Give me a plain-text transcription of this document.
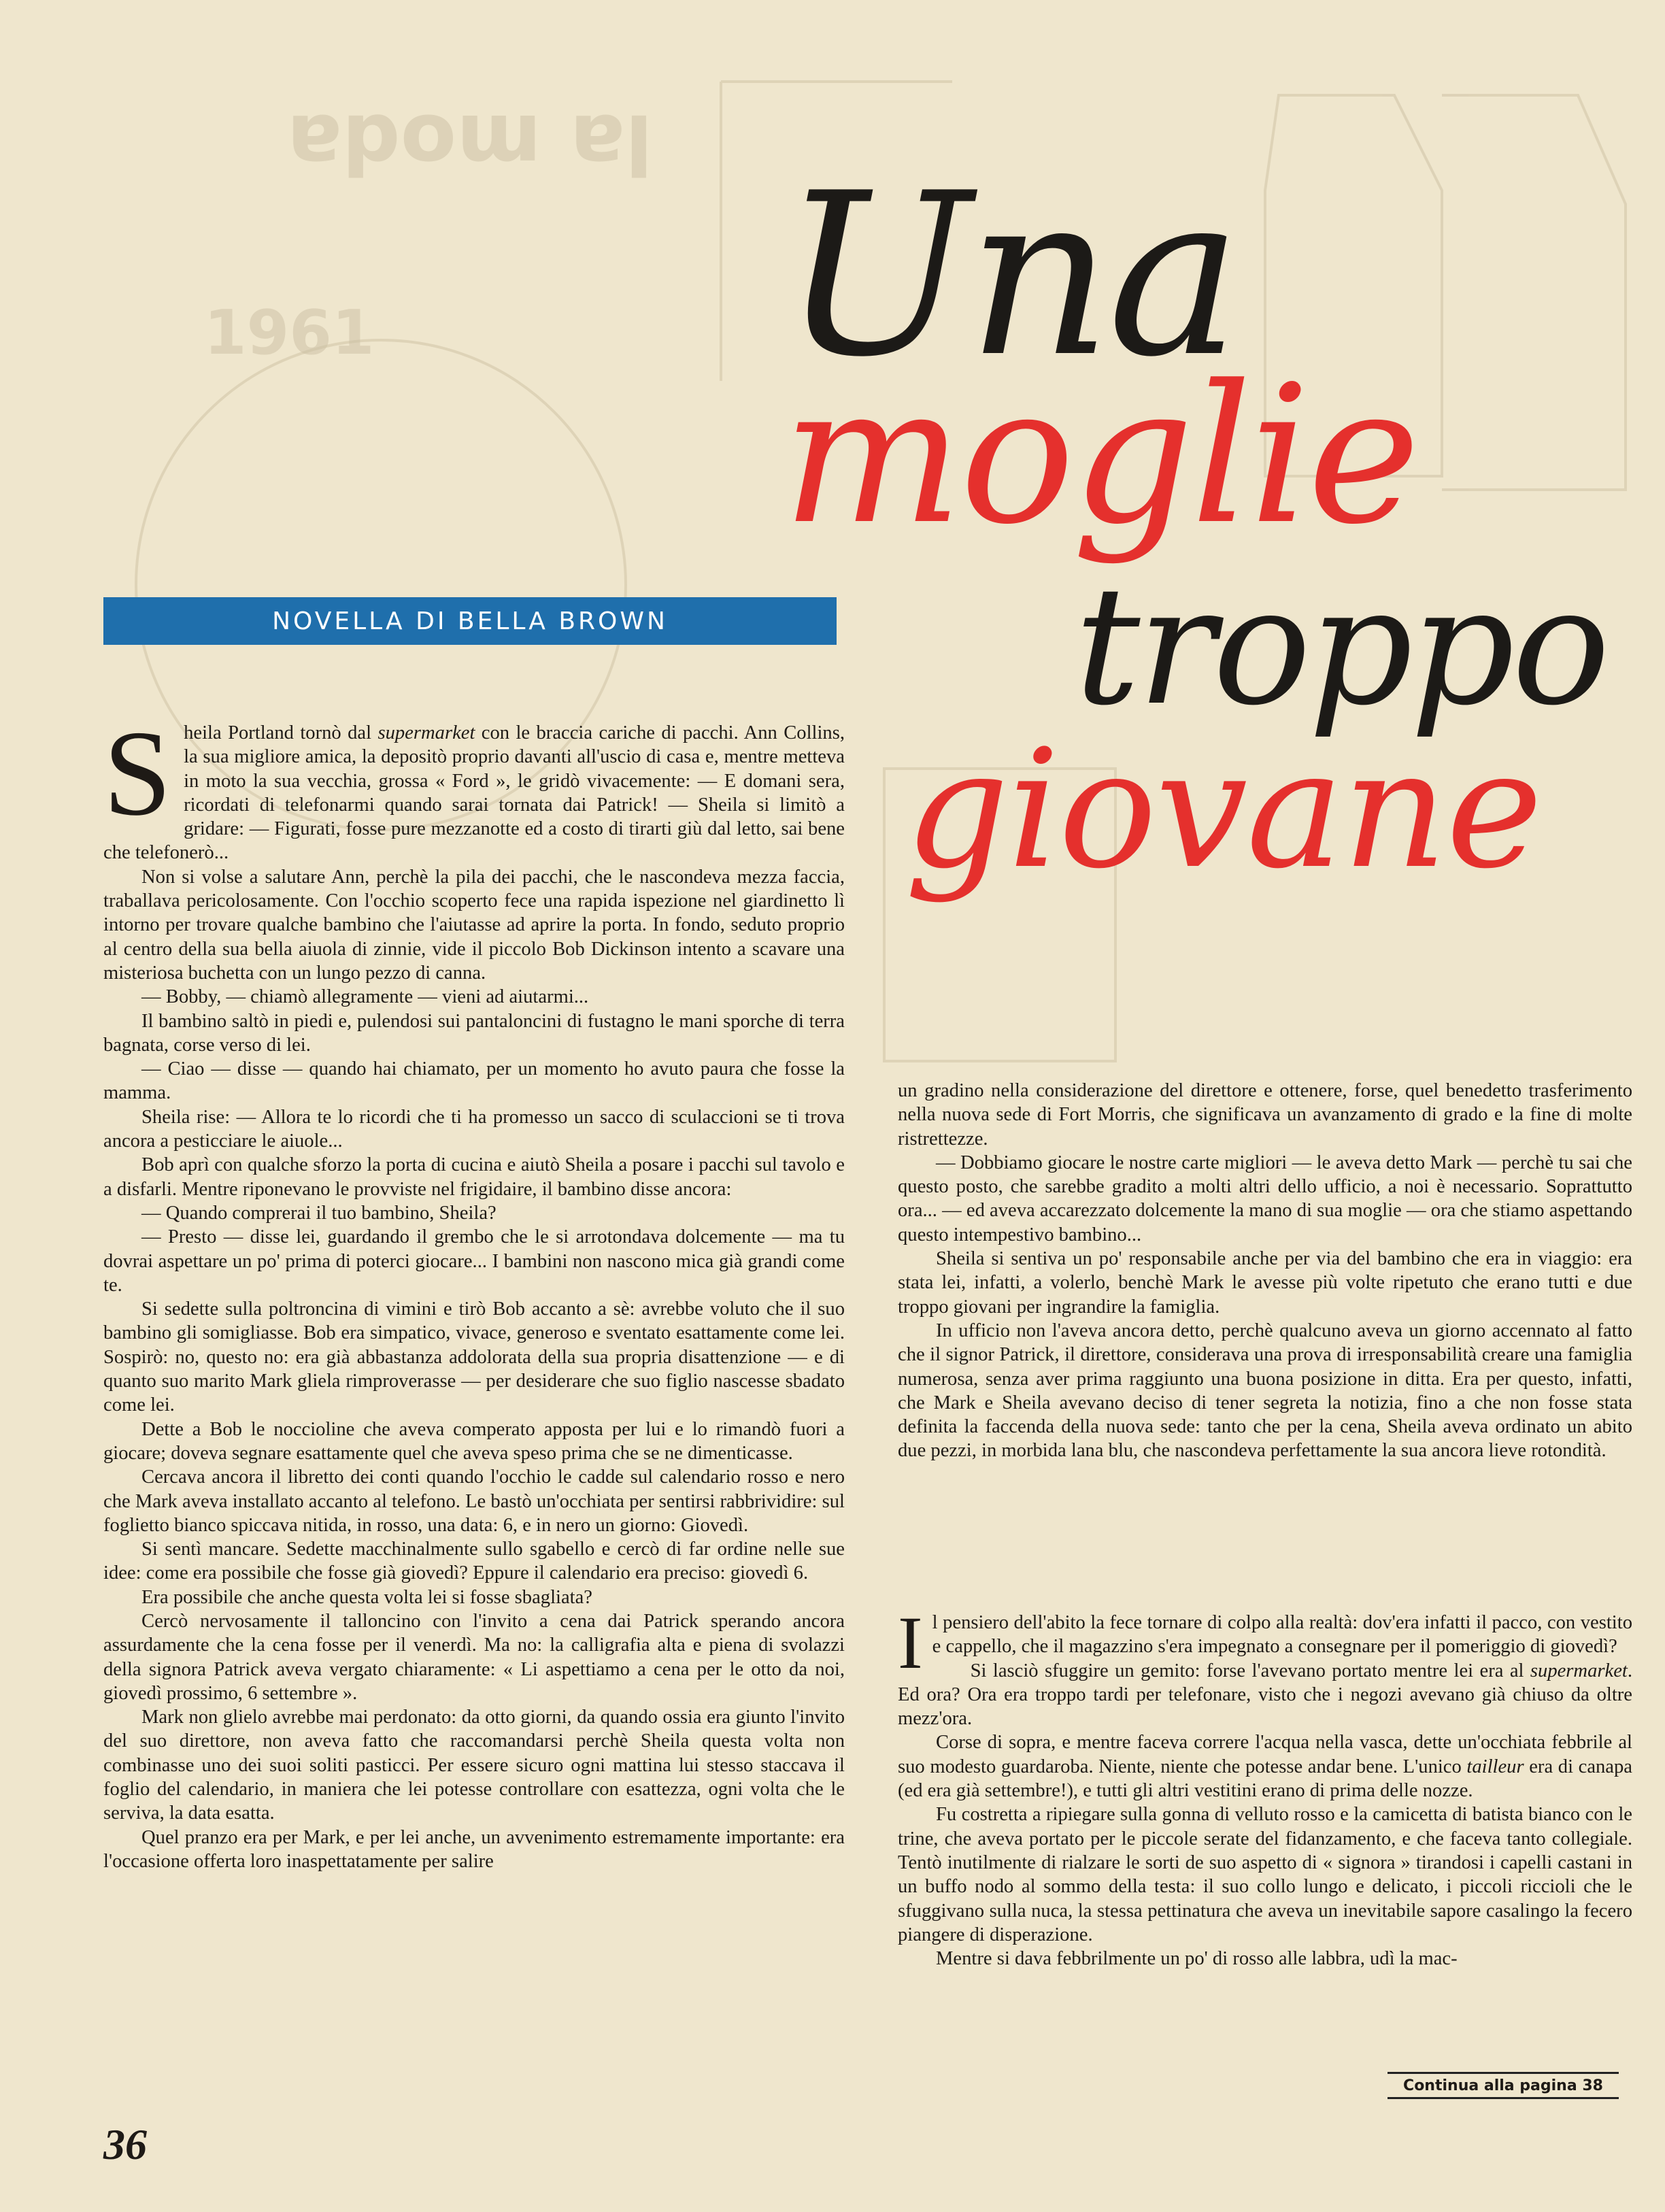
la moda
1961 Una
moglie
troppo
giovane
NOVELLA DI BELLA BROWN

Sheila Portland tornò dal supermarket con le braccia cariche di pacchi. Ann Collins, la sua migliore amica, la depositò proprio davanti all'uscio di casa e, mentre metteva in moto la sua vecchia, grossa « Ford », le gridò vivacemente: — E domani sera, ricordati di telefonarmi quando sarai tornata dai Patrick! — Sheila si limitò a gridare: — Figurati, fosse pure mezzanotte ed a costo di tirarti giù dal letto, sai bene che telefonerò...

Non si volse a salutare Ann, perchè la pila dei pacchi, che le nascondeva mezza faccia, traballava pericolosamente. Con l'occhio scoperto fece una rapida ispezione nel giardinetto lì intorno per trovare qualche bambino che l'aiutasse ad aprire la porta. In fondo, seduto proprio al centro della sua bella aiuola di zinnie, vide il piccolo Bob Dickinson intento a scavare una misteriosa buchetta con un lungo pezzo di canna.

— Bobby, — chiamò allegramente — vieni ad aiutarmi...

Il bambino saltò in piedi e, pulendosi sui pantaloncini di fustagno le mani sporche di terra bagnata, corse verso di lei.

— Ciao — disse — quando hai chiamato, per un momento ho avuto paura che fosse la mamma.

Sheila rise: — Allora te lo ricordi che ti ha promesso un sacco di sculaccioni se ti trova ancora a pesticciare le aiuole...

Bob aprì con qualche sforzo la porta di cucina e aiutò Sheila a posare i pacchi sul tavolo e a disfarli. Mentre riponevano le provviste nel frigidaire, il bambino disse ancora:

— Quando comprerai il tuo bambino, Sheila?

— Presto — disse lei, guardando il grembo che le si arrotondava dolcemente — ma tu dovrai aspettare un po' prima di poterci giocare... I bambini non nascono mica già grandi come te.

Si sedette sulla poltroncina di vimini e tirò Bob accanto a sè: avrebbe voluto che il suo bambino gli somigliasse. Bob era simpatico, vivace, generoso e sventato esattamente come lei. Sospirò: no, questo no: era già abbastanza addolorata della sua propria disattenzione — e di quanto suo marito Mark gliela rimproverasse — per desiderare che suo figlio nascesse sbadato come lei.

Dette a Bob le noccioline che aveva comperato apposta per lui e lo rimandò fuori a giocare; doveva segnare esattamente quel che aveva speso prima che se ne dimenticasse.

Cercava ancora il libretto dei conti quando l'occhio le cadde sul calendario rosso e nero che Mark aveva installato accanto al telefono. Le bastò un'occhiata per sentirsi rabbrividire: sul foglietto bianco spiccava nitida, in rosso, una data: 6, e in nero un giorno: Giovedì.

Si sentì mancare. Sedette macchinalmente sullo sgabello e cercò di far ordine nelle sue idee: come era possibile che fosse già giovedì? Eppure il calendario era preciso: giovedì 6.

Era possibile che anche questa volta lei si fosse sbagliata?

Cercò nervosamente il talloncino con l'invito a cena dai Patrick sperando ancora assurdamente che la cena fosse per il venerdì. Ma no: la calligrafia alta e piena di svolazzi della signora Patrick aveva vergato chiaramente: « Li aspettiamo a cena per le otto da noi, giovedì prossimo, 6 settembre ».

Mark non glielo avrebbe mai perdonato: da otto giorni, da quando ossia era giunto l'invito del suo direttore, non aveva fatto che raccomandarsi perchè Sheila questa volta non combinasse uno dei suoi soliti pasticci. Per essere sicuro ogni mattina lui stesso staccava il foglio del calendario, in maniera che lei potesse controllare con esattezza, ogni volta che le serviva, la data esatta.

Quel pranzo era per Mark, e per lei anche, un avvenimento estremamente importante: era l'occasione offerta loro inaspettatamente per salire

un gradino nella considerazione del direttore e ottenere, forse, quel benedetto trasferimento nella nuova sede di Fort Morris, che significava un avanzamento di grado e la fine di molte ristrettezze.

— Dobbiamo giocare le nostre carte migliori — le aveva detto Mark — perchè tu sai che questo posto, che sarebbe gradito a molti altri dello ufficio, a noi è necessario. Soprattutto ora... — ed aveva accarezzato dolcemente la mano di sua moglie — ora che stiamo aspettando questo intempestivo bambino...

Sheila si sentiva un po' responsabile anche per via del bambino che era in viaggio: era stata lei, infatti, a volerlo, benchè Mark le avesse più volte ripetuto che erano tutti e due troppo giovani per ingrandire la famiglia.

In ufficio non l'aveva ancora detto, perchè qualcuno aveva un giorno accennato al fatto che il signor Patrick, il direttore, considerava una prova di irresponsabilità creare una famiglia numerosa, senza aver prima raggiunto una buona posizione in ditta. Era per questo, infatti, che Mark e Sheila avevano deciso di tener segreta la notizia, fino a che non fosse stata definita la faccenda della nuova sede: tanto che per la cena, Sheila aveva ordinato un abito due pezzi, in morbida lana blu, che nascondeva perfettamente la sua ancora lieve rotondità.

Il pensiero dell'abito la fece tornare di colpo alla realtà: dov'era infatti il pacco, con vestito e cappello, che il magazzino s'era impegnato a consegnare per il pomeriggio di giovedì?

Si lasciò sfuggire un gemito: forse l'avevano portato mentre lei era al supermarket. Ed ora? Ora era troppo tardi per telefonare, visto che i negozi avevano già chiuso da oltre mezz'ora.

Corse di sopra, e mentre faceva correre l'acqua nella vasca, dette un'occhiata febbrile al suo modesto guardaroba. Niente, niente che potesse andar bene. L'unico tailleur era di canapa (ed era già settembre!), e tutti gli altri vestitini erano di prima delle nozze.

Fu costretta a ripiegare sulla gonna di velluto rosso e la camicetta di batista bianco con le trine, che aveva portato per le piccole serate del fidanzamento, e che faceva tanto collegiale. Tentò inutilmente di rialzare le sorti de suo aspetto di « signora » tirandosi i capelli castani in un buffo nodo al sommo della testa: il suo collo lungo e delicato, i piccoli riccioli che le sfuggivano sulla nuca, la stessa pettinatura che aveva un inevitabile sapore casalingo la fecero piangere di disperazione.

Mentre si dava febbrilmente un po' di rosso alle labbra, udì la mac-

Continua alla pagina 38
36
